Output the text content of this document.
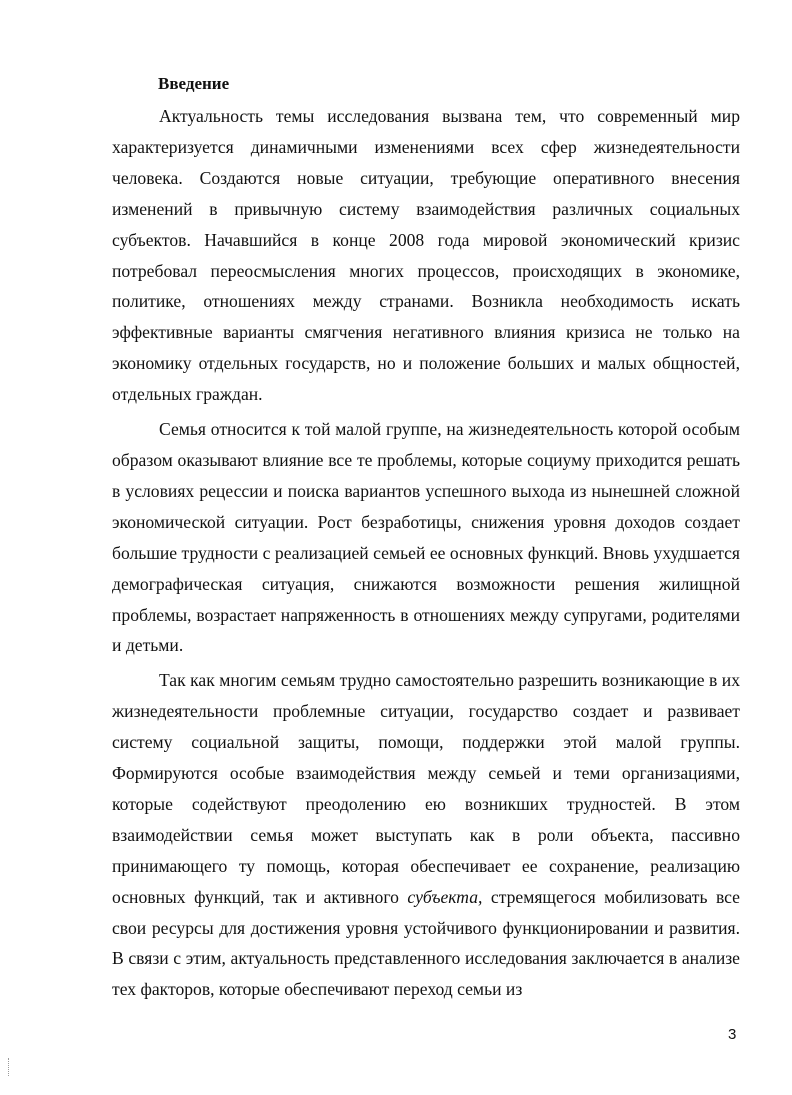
Введение

Актуальность темы исследования вызвана тем, что современный мир характеризуется динамичными изменениями всех сфер жизнедеятельности человека. Создаются новые ситуации, требующие оперативного внесения изменений в привычную систему взаимодействия различных социальных субъектов. Начавшийся в конце 2008 года мировой экономический кризис потребовал переосмысления многих процессов, происходящих в экономике, политике, отношениях между странами. Возникла необходимость искать эффективные варианты смягчения негативного влияния кризиса не только на экономику отдельных государств, но и положение больших и малых общностей, отдельных граждан.

Семья относится к той малой группе, на жизнедеятельность которой особым образом оказывают влияние все те проблемы, которые социуму приходится решать в условиях рецессии и поиска вариантов успешного выхода из нынешней сложной экономической ситуации. Рост безработицы, снижения уровня доходов создает большие трудности с реализацией семьей ее основных функций. Вновь ухудшается демографическая ситуация, снижаются возможности решения жилищной проблемы, возрастает напряженность в отношениях между супругами, родителями и детьми.

Так как многим семьям трудно самостоятельно разрешить возникающие в их жизнедеятельности проблемные ситуации, государство создает и развивает систему социальной защиты, помощи, поддержки этой малой группы. Формируются особые взаимодействия между семьей и теми организациями, которые содействуют преодолению ею возникших трудностей. В этом взаимодействии семья может выступать как в роли объекта, пассивно принимающего ту помощь, которая обеспечивает ее сохранение, реализацию основных функций, так и активного субъекта, стремящегося мобилизовать все свои ресурсы для достижения уровня устойчивого функционировании и развития. В связи с этим, актуальность представленного исследования заключается в анализе тех факторов, которые обеспечивают переход семьи из

3
